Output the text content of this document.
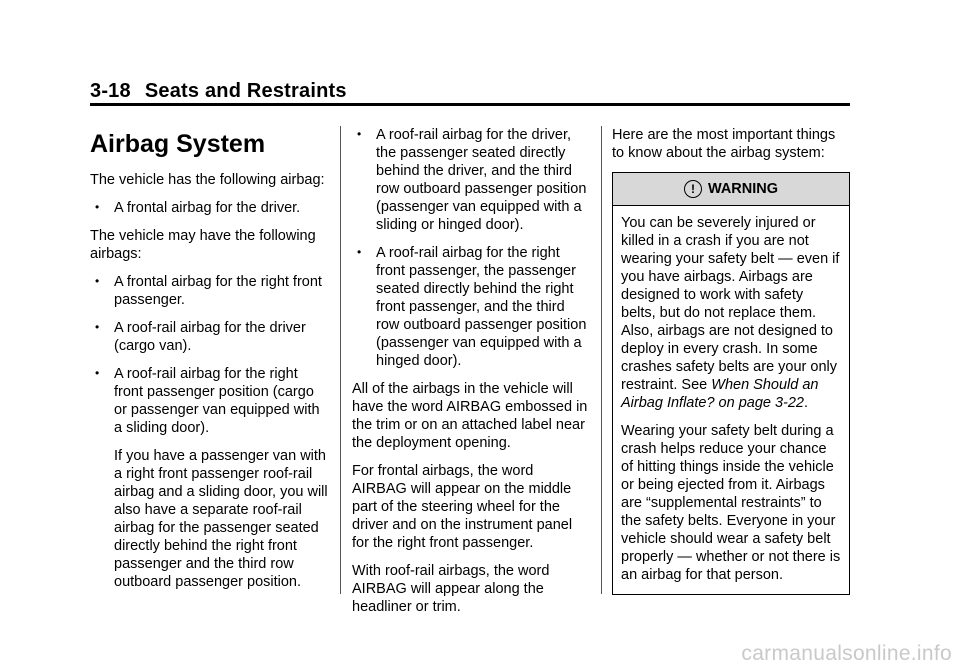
3-18 Seats and Restraints
Airbag System

The vehicle has the following airbag:

• A frontal airbag for the driver.

The vehicle may have the following airbags:

• A frontal airbag for the right front passenger.
• A roof-rail airbag for the driver (cargo van).
• A roof-rail airbag for the right front passenger position (cargo or passenger van equipped with a sliding door).

If you have a passenger van with a right front passenger roof-rail airbag and a sliding door, you will also have a separate roof-rail airbag for the passenger seated directly behind the right front passenger and the third row outboard passenger position.

• A roof-rail airbag for the driver, the passenger seated directly behind the driver, and the third row outboard passenger position (passenger van equipped with a sliding or hinged door).
• A roof-rail airbag for the right front passenger, the passenger seated directly behind the right front passenger, and the third row outboard passenger position (passenger van equipped with a hinged door).

All of the airbags in the vehicle will have the word AIRBAG embossed in the trim or on an attached label near the deployment opening.

For frontal airbags, the word AIRBAG will appear on the middle part of the steering wheel for the driver and on the instrument panel for the right front passenger.

With roof-rail airbags, the word AIRBAG will appear along the headliner or trim.

Here are the most important things to know about the airbag system:

! WARNING

You can be severely injured or killed in a crash if you are not wearing your safety belt — even if you have airbags. Airbags are designed to work with safety belts, but do not replace them. Also, airbags are not designed to deploy in every crash. In some crashes safety belts are your only restraint. See When Should an Airbag Inflate? on page 3-22.

Wearing your safety belt during a crash helps reduce your chance of hitting things inside the vehicle or being ejected from it. Airbags are “supplemental restraints” to the safety belts. Everyone in your vehicle should wear a safety belt properly — whether or not there is an airbag for that person.

carmanualsonline.info
